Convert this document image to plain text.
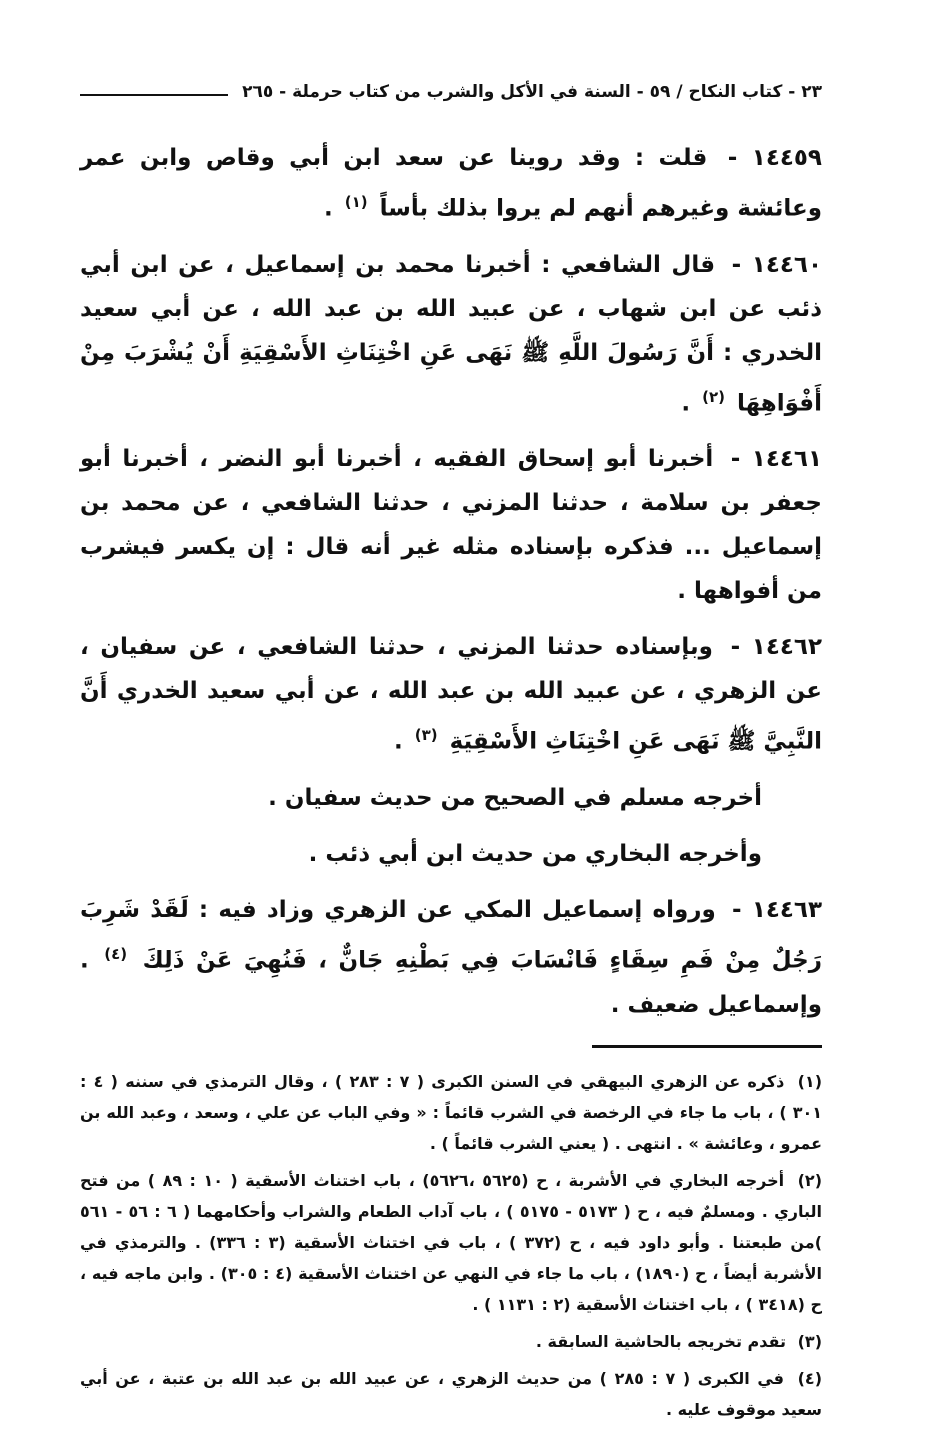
٢٣ - كتاب النكاح / ٥٩ - السنة في الأكل والشرب من كتاب حرملة - ٢٦٥

١٤٤٥٩ - قلت : وقد روينا عن سعد ابن أبي وقاص وابن عمر وعائشة وغيرهم أنهم لم يروا بذلك بأساً $^{(١)}$ .

١٤٤٦٠ - قال الشافعي : أخبرنا محمد بن إسماعيل ، عن ابن أبي ذئب عن ابن شهاب ، عن عبيد الله بن عبد الله ، عن أبي سعيد الخدري : أَنَّ رَسُولَ اللَّهِ ﷺ نَهَى عَنِ اخْتِنَاثِ الأَسْقِيَةِ أَنْ يُشْرَبَ مِنْ أَفْوَاهِهَا $^{(٢)}$ .

١٤٤٦١ - أخبرنا أبو إسحاق الفقيه ، أخبرنا أبو النضر ، أخبرنا أبو جعفر بن سلامة ، حدثنا المزني ، حدثنا الشافعي ، عن محمد بن إسماعيل ... فذكره بإسناده مثله غير أنه قال : إن يكسر فيشرب من أفواهها .

١٤٤٦٢ - وبإسناده حدثنا المزني ، حدثنا الشافعي ، عن سفيان ، عن الزهري ، عن عبيد الله بن عبد الله ، عن أبي سعيد الخدري أَنَّ النَّبِيَّ ﷺ نَهَى عَنِ اخْتِنَاثِ الأَسْقِيَةِ $^{(٣)}$ .

أخرجه مسلم في الصحيح من حديث سفيان .

وأخرجه البخاري من حديث ابن أبي ذئب .

١٤٤٦٣ - ورواه إسماعيل المكي عن الزهري وزاد فيه : لَقَدْ شَرِبَ رَجُلٌ مِنْ فَمِ سِقَاءٍ فَانْسَابَ فِي بَطْنِهِ جَانٌّ ، فَنُهِيَ عَنْ ذَلِكَ $^{(٤)}$ . وإسماعيل ضعيف .

(١) ذكره عن الزهري البيهقي في السنن الكبرى ( ٧ : ٢٨٣ ) ، وقال الترمذي في سننه ( ٤ : ٣٠١ ) ، باب ما جاء في الرخصة في الشرب قائماً : « وفي الباب عن علي ، وسعد ، وعبد الله بن عمرو ، وعائشة » . انتهى . ( يعني الشرب قائماً ) .

(٢) أخرجه البخاري في الأشربة ، ح (٥٦٢٥ ،٥٦٢٦) ، باب اختناث الأسقية ( ١٠ : ٨٩ ) من فتح الباري . ومسلمٌ فيه ، ح ( ٥١٧٣ - ٥١٧٥ ) ، باب آداب الطعام والشراب وأحكامهما ( ٦ : ٥٦ - ٥٦١ )من طبعتنا . وأبو داود فيه ، ح (٣٧٢ ) ، باب في اختناث الأسقية (٣ : ٣٣٦) . والترمذي في الأشربة أيضاً ، ح (١٨٩٠) ، باب ما جاء في النهي عن اختناث الأسقية (٤ : ٣٠٥) . وابن ماجه فيه ، ح (٣٤١٨ ) ، باب اختناث الأسقية (٢ : ١١٣١ ) .

(٣) تقدم تخريجه بالحاشية السابقة .

(٤) في الكبرى ( ٧ : ٢٨٥ ) من حديث الزهري ، عن عبيد الله بن عبد الله بن عتبة ، عن أبي سعيد موقوف عليه .
